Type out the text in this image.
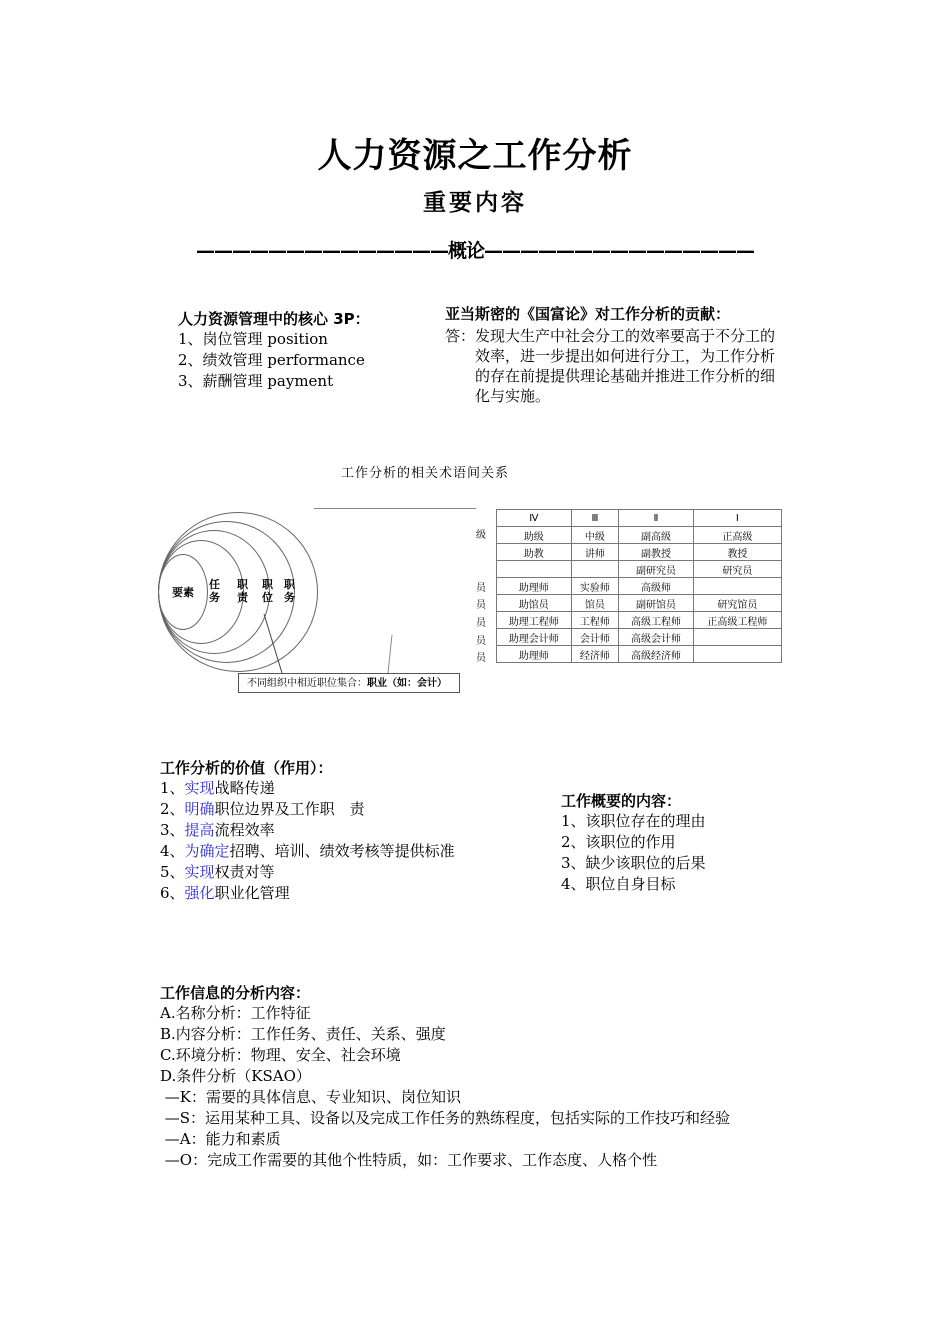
人力资源之工作分析
重要内容
——————————————概论———————————————
人力资源管理中的核心 3P：
1、岗位管理 position
2、绩效管理 performance
3、薪酬管理 payment
亚当斯密的《国富论》对工作分析的贡献：
答： 发现大生产中社会分工的效率要高于不分工的效率，进一步提出如何进行分工，为工作分析的存在前提提供理论基础并推进工作分析的细化与实施。
工作分析的相关术语间关系
要素
任务
职责
职位
职务
不同组织中相近职位集合：职业（如：会计）
级

员
员
员
员
员
Ⅳ	Ⅲ	Ⅱ	Ⅰ
助级	中级	副高级	正高级
助教	讲师	副教授	教授
		副研究员	研究员
助理师	实验师	高级师	
助馆员	馆员	副研馆员	研究馆员
助理工程师	工程师	高级工程师	正高级工程师
助理会计师	会计师	高级会计师	
助理师	经济师	高级经济师	
工作分析的价值（作用）：
1、实现战略传递
2、明确职位边界及工作职　责
3、提高流程效率
4、为确定招聘、培训、绩效考核等提供标准
5、实现权责对等
6、强化职业化管理
工作概要的内容：
1、该职位存在的理由
2、该职位的作用
3、缺少该职位的后果
4、职位自身目标
工作信息的分析内容：
A.名称分析：工作特征
B.内容分析：工作任务、责任、关系、强度
C.环境分析：物理、安全、社会环境
D.条件分析（KSAO）
—K：需要的具体信息、专业知识、岗位知识
—S：运用某种工具、设备以及完成工作任务的熟练程度，包括实际的工作技巧和经验
—A：能力和素质
—O：完成工作需要的其他个性特质，如：工作要求、工作态度、人格个性
